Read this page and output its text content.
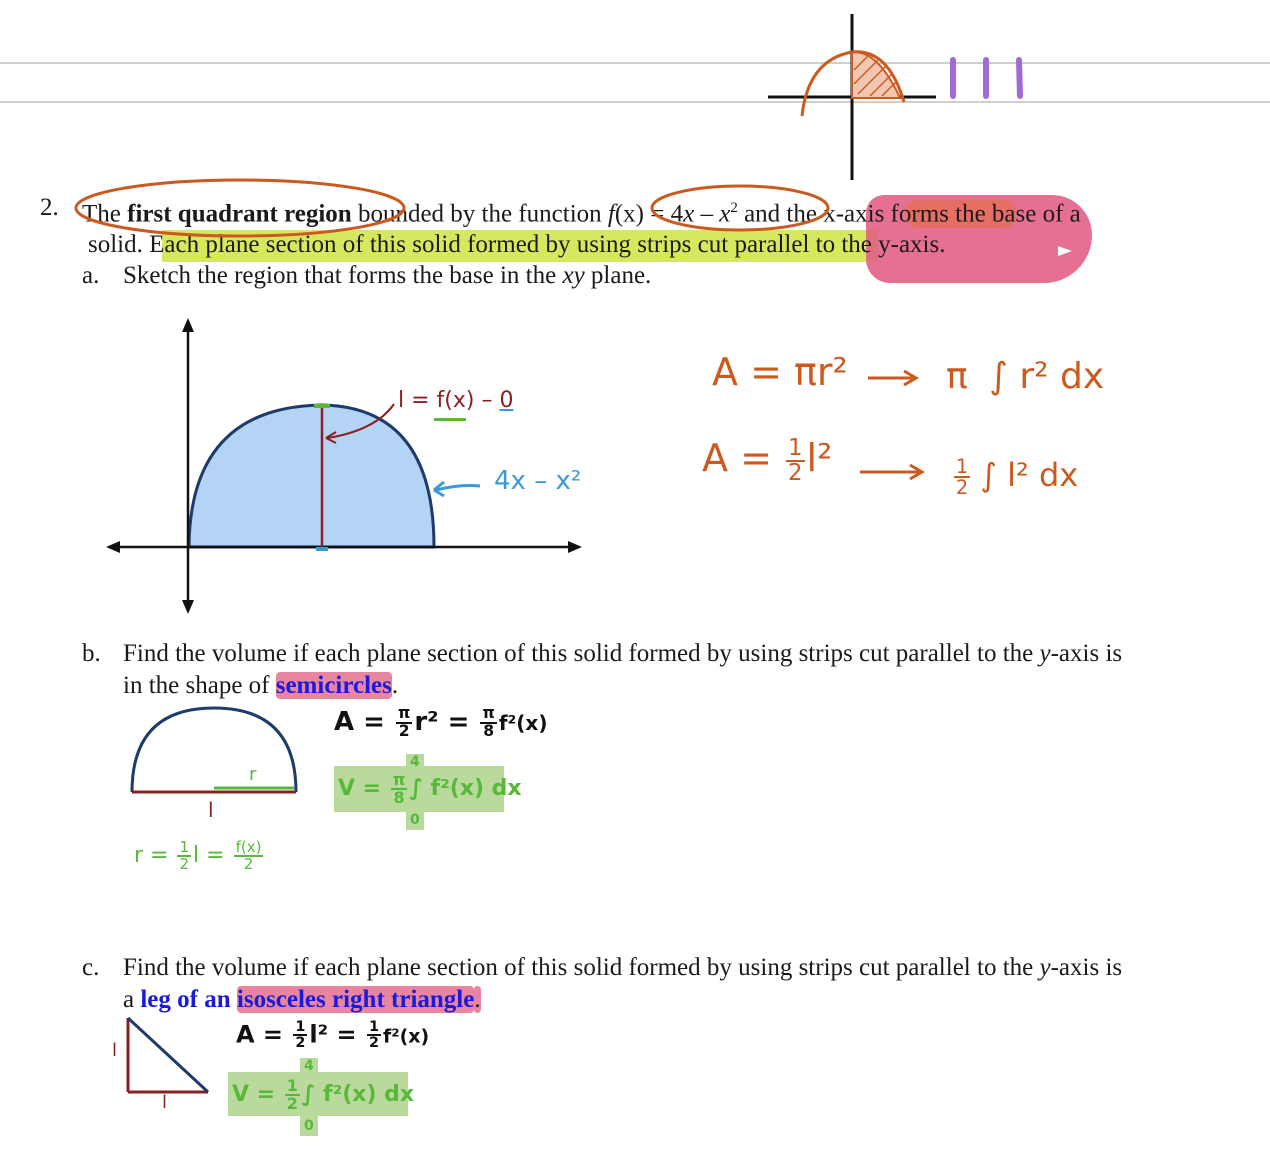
2. The first quadrant region bounded by the function $f(x) = 4x - x^2$ and the x-axis forms the base of a
solid. Each plane section of this solid formed by using strips cut parallel to the y-axis.
a. Sketch the region that forms the base in the xy plane.
l = f(x) – 0
4x – x²
A = πr²	π ∫ r² dx
$A = \frac{1}{2} l^2$	$\frac{1}{2}$ ∫ l² dx
b. Find the volume if each plane section of this solid formed by using strips cut parallel to the y-axis is
in the shape of semicircles.
r
l
$A = \frac{\pi}{2} r^2 = \frac{\pi}{8} f^2(x)$
$V = \frac{\pi}{8}$ ∫ f²(x) dx
4
0
$r = \frac{1}{2}$ $l = \frac{f(x)}{2}$
c. Find the volume if each plane section of this solid formed by using strips cut parallel to the y-axis is
a leg of an isosceles right triangle.
l
l
$A = \frac{1}{2} l^2 = \frac{1}{2} f^2(x)$
$V = \frac{1}{2}$ ∫ f²(x) dx
4
0
